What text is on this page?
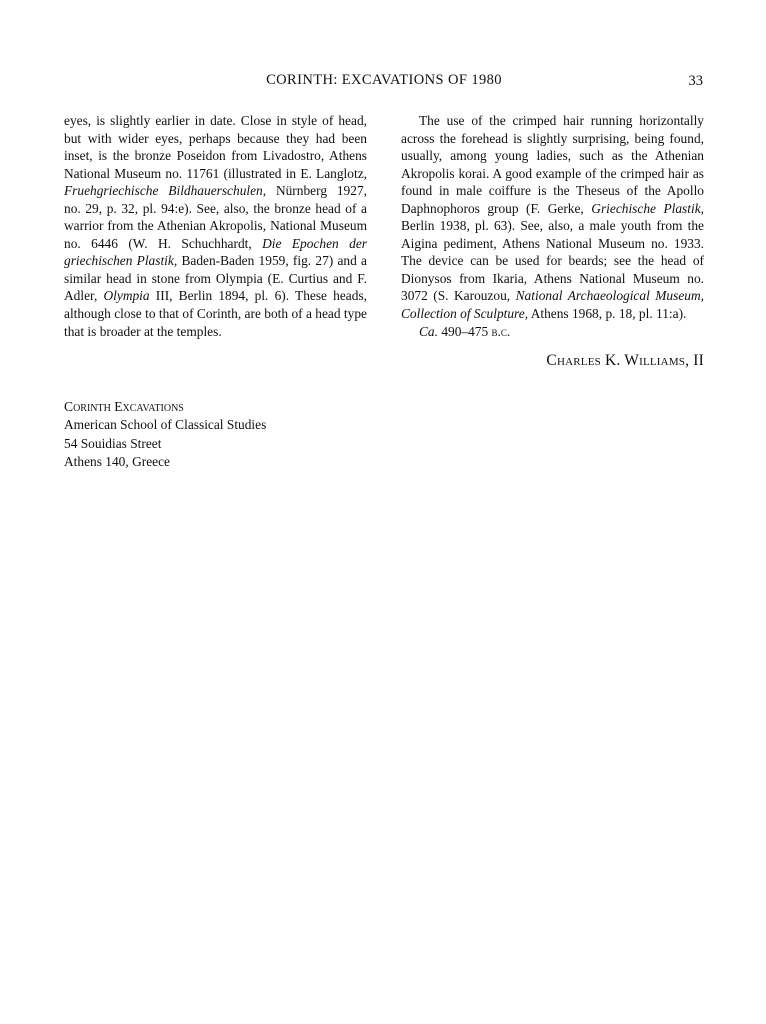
CORINTH: EXCAVATIONS OF 1980	33

eyes, is slightly earlier in date. Close in style of head, but with wider eyes, perhaps because they had been inset, is the bronze Poseidon from Livadostro, Athens National Museum no. 11761 (illustrated in E. Langlotz, Fruehgriechische Bildhauerschulen, Nürnberg 1927, no. 29, p. 32, pl. 94:e). See, also, the bronze head of a warrior from the Athenian Akropolis, National Museum no. 6446 (W. H. Schuchhardt, Die Epochen der griechischen Plastik, Baden-Baden 1959, fig. 27) and a similar head in stone from Olympia (E. Curtius and F. Adler, Olympia III, Berlin 1894, pl. 6). These heads, although close to that of Corinth, are both of a head type that is broader at the temples.

The use of the crimped hair running horizontally across the forehead is slightly surprising, being found, usually, among young ladies, such as the Athenian Akropolis korai. A good example of the crimped hair as found in male coiffure is the Theseus of the Apollo Daphnophoros group (F. Gerke, Griechische Plastik, Berlin 1938, pl. 63). See, also, a male youth from the Aigina pediment, Athens National Museum no. 1933. The device can be used for beards; see the head of Dionysos from Ikaria, Athens National Museum no. 3072 (S. Karouzou, National Archaeological Museum, Collection of Sculpture, Athens 1968, p. 18, pl. 11:a).

Ca. 490–475 b.c.

Charles K. Williams, II
Corinth Excavations
American School of Classical Studies
54 Souidias Street
Athens 140, Greece
